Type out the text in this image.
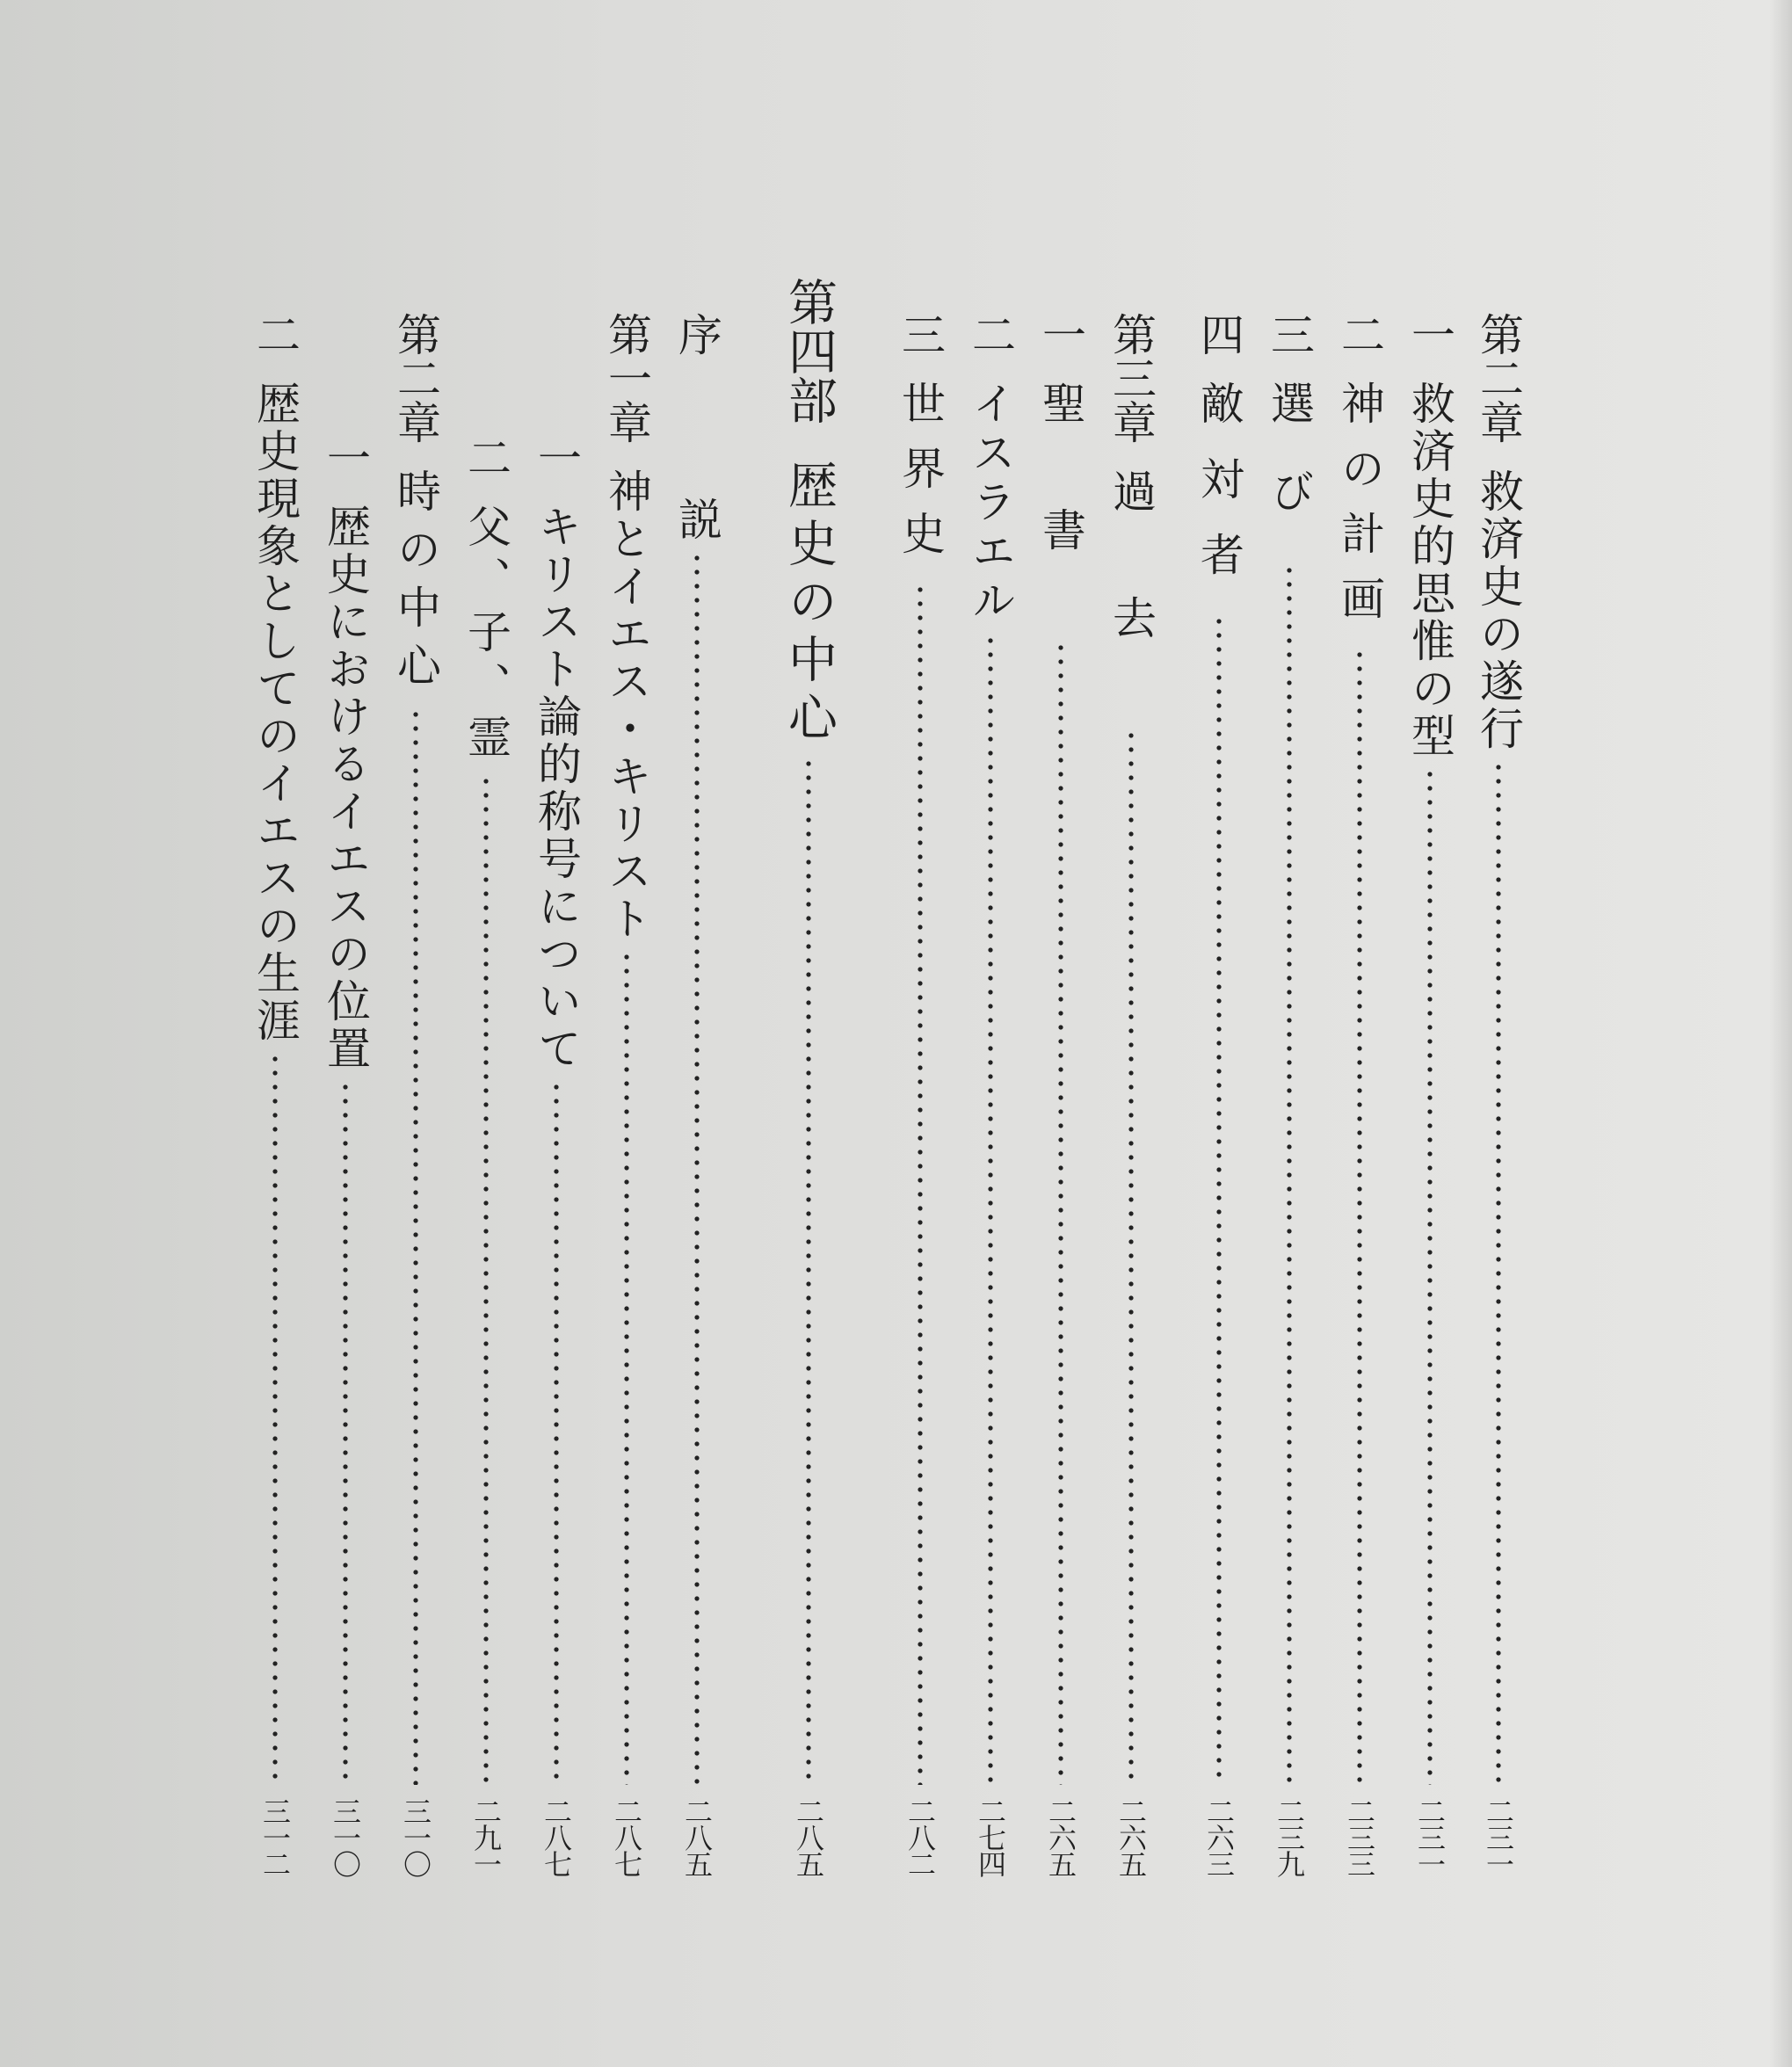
第二章
救済史の遂行
二三一
一
救済史的思惟の型
二三一
二
神の計画
二三三
三
選び
二三九
四
敵対者
二六三
第三章
過去
二六五
一
聖書
二六五
二
イスラエル
二七四
三
世界史
二八二
第四部
歴史の中心
二八五
序
説
二八五
第一章
神とイエス・キリスト
二八七
一
キリスト論的称号について
二八七
二
父、子、霊
二九一
第二章
時の中心
三一〇
一
歴史におけるイエスの位置
三一〇
二
歴史現象としてのイエスの生涯
三一二
